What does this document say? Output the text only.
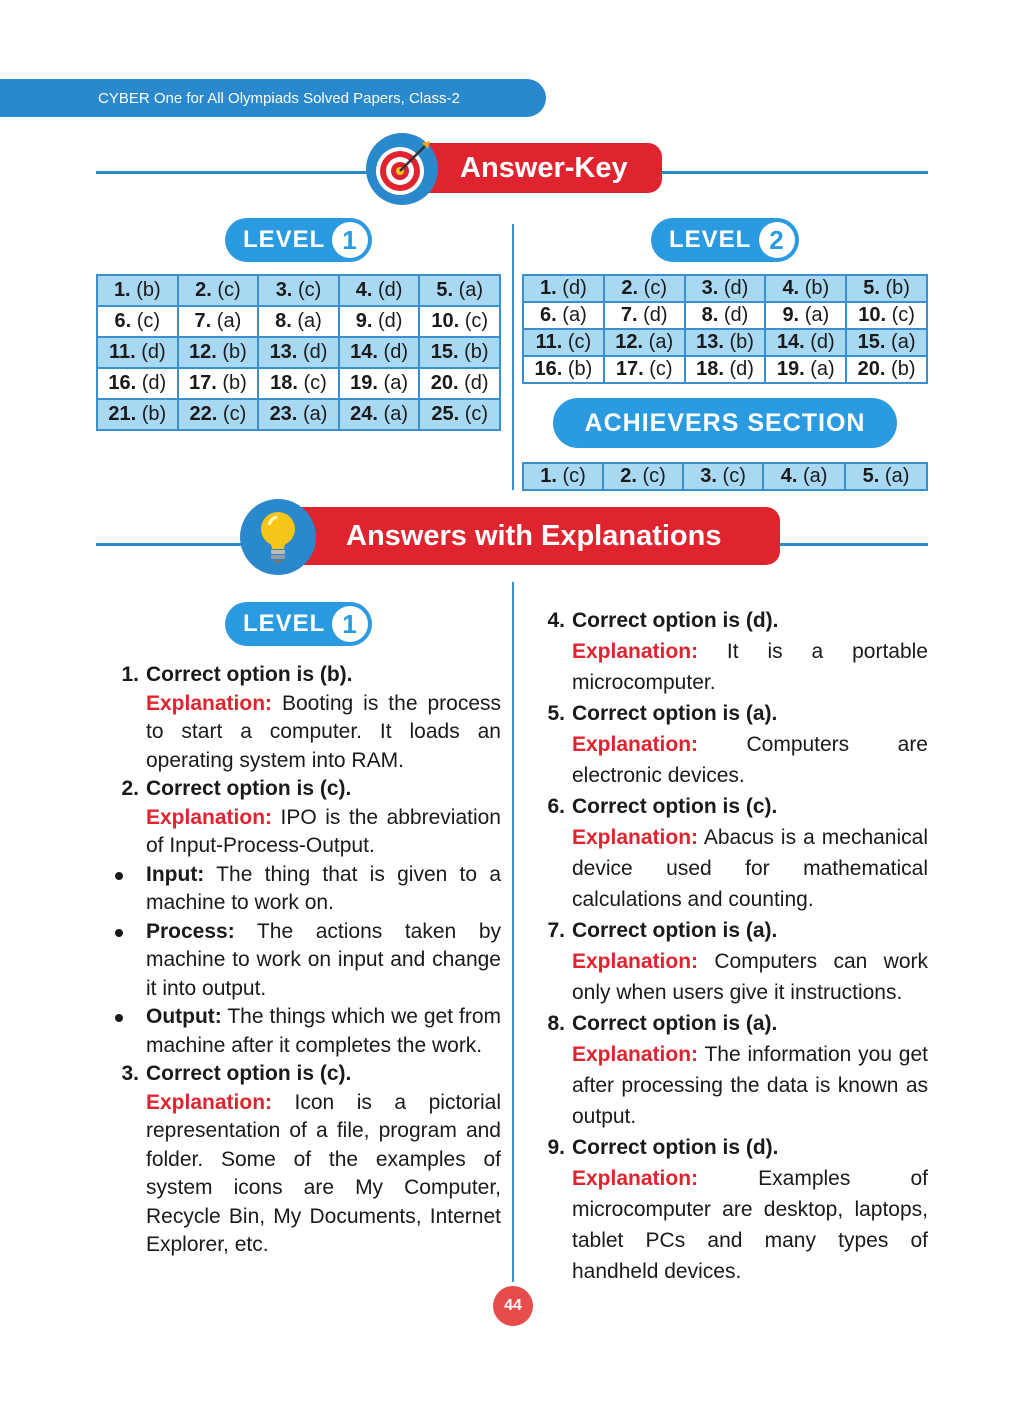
CYBER One for All Olympiads Solved Papers, Class-2
Answer-Key
LEVEL 1	LEVEL 2
1. (b)	2. (c)	3. (c)	4. (d)	5. (a)
6. (c)	7. (a)	8. (a)	9. (d)	10. (c)
11. (d)	12. (b)	13. (d)	14. (d)	15. (b)
16. (d)	17. (b)	18. (c)	19. (a)	20. (d)
21. (b)	22. (c)	23. (a)	24. (a)	25. (c)
1. (d)	2. (c)	3. (d)	4. (b)	5. (b)
6. (a)	7. (d)	8. (d)	9. (a)	10. (c)
11. (c)	12. (a)	13. (b)	14. (d)	15. (a)
16. (b)	17. (c)	18. (d)	19. (a)	20. (b)
ACHIEVERS SECTION
1. (c)	2. (c)	3. (c)	4. (a)	5. (a)
Answers with Explanations
LEVEL 1
1. Correct option is (b).
Explanation: Booting is the process to start a computer. It loads an operating system into RAM.
2. Correct option is (c).
Explanation: IPO is the abbreviation of Input-Process-Output.
Input: The thing that is given to a machine to work on.
Process: The actions taken by machine to work on input and change it into output.
Output: The things which we get from machine after it completes the work.
3. Correct option is (c).
Explanation: Icon is a pictorial representation of a file, program and folder. Some of the examples of system icons are My Computer, Recycle Bin, My Documents, Internet Explorer, etc.
4. Correct option is (d).
Explanation: It is a portable microcomputer.
5. Correct option is (a).
Explanation: Computers are electronic devices.
6. Correct option is (c).
Explanation: Abacus is a mechanical device used for mathematical calculations and counting.
7. Correct option is (a).
Explanation: Computers can work only when users give it instructions.
8. Correct option is (a).
Explanation: The information you get after processing the data is known as output.
9. Correct option is (d).
Explanation: Examples of microcomputer are desktop, laptops, tablet PCs and many types of handheld devices.
44
